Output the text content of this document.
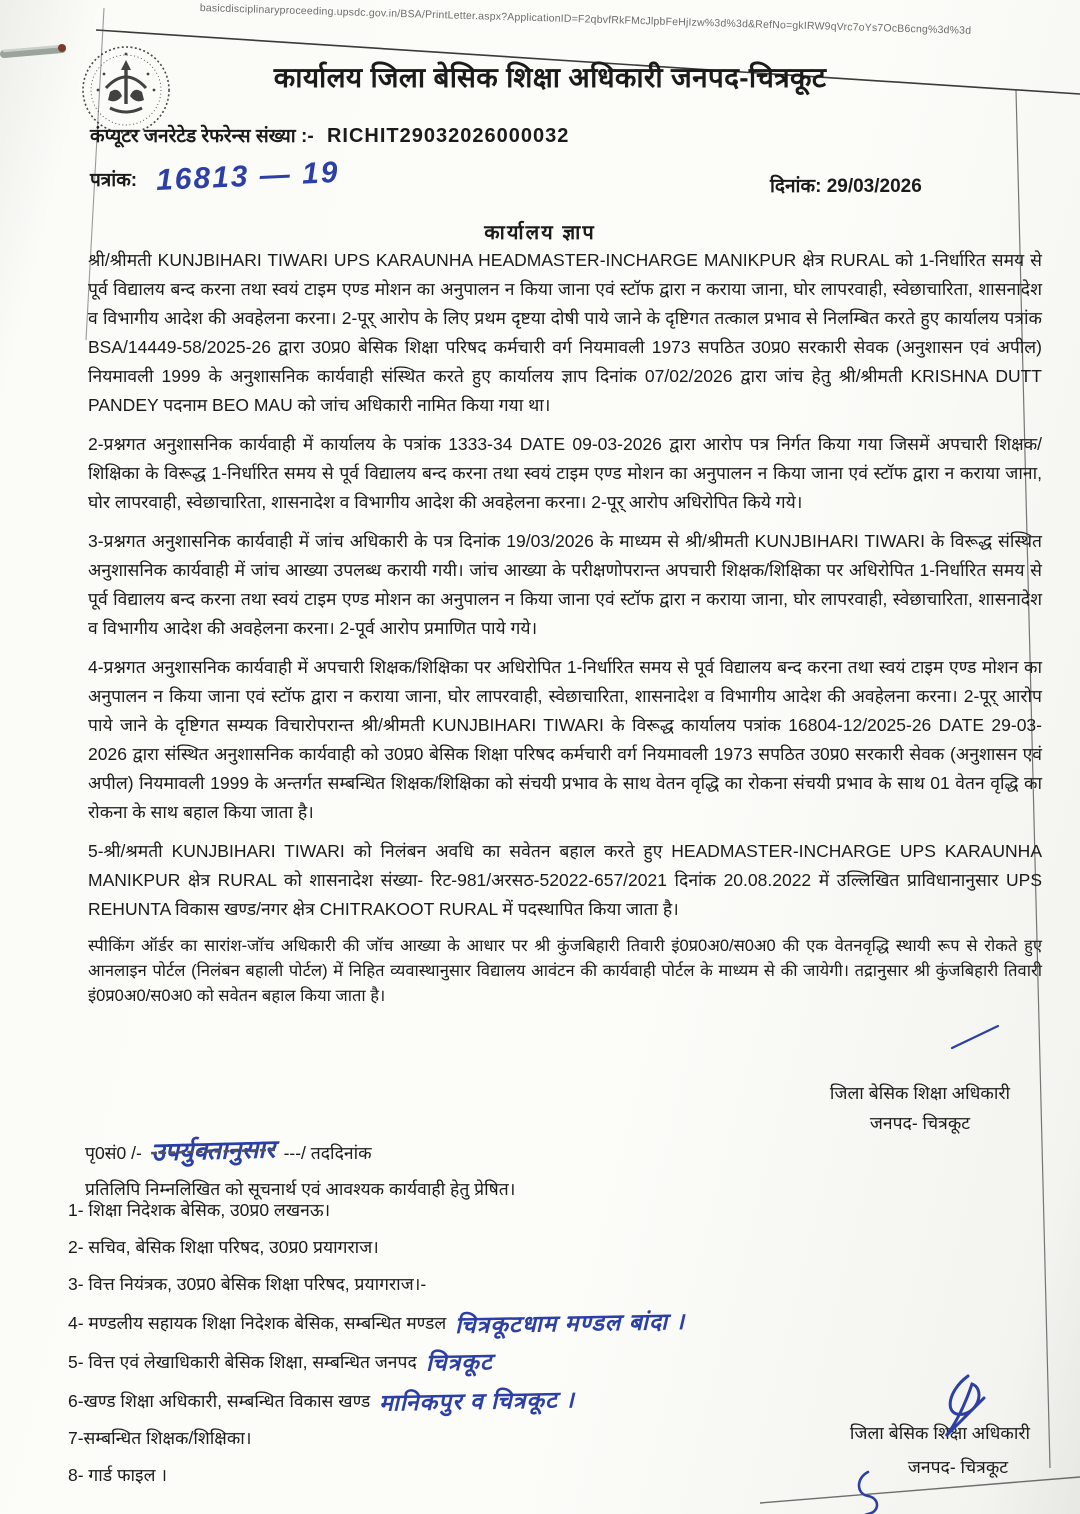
basicdisciplinaryproceeding.upsdc.gov.in/BSA/PrintLetter.aspx?ApplicationID=F2qbvfRkFMcJlpbFeHjIzw%3d%3d&RefNo=gkIRW9qVrc7oYs7OcB6cng%3d%3d
कार्यालय जिला बेसिक शिक्षा अधिकारी जनपद-चित्रकूट
कंप्यूटर जनरेटेड रेफरेन्स संख्या :- RICHIT29032026000032
पत्रांक: 16813 — 19	दिनांक: 29/03/2026
कार्यालय ज्ञाप

श्री/श्रीमती KUNJBIHARI TIWARI UPS KARAUNHA HEADMASTER-INCHARGE MANIKPUR क्षेत्र RURAL को 1-निर्धारित समय से पूर्व विद्यालय बन्द करना तथा स्वयं टाइम एण्ड मोशन का अनुपालन न किया जाना एवं स्टॉफ द्वारा न कराया जाना, घोर लापरवाही, स्वेछाचारिता, शासनादेश व विभागीय आदेश की अवहेलना करना। 2-पूर् आरोप के लिए प्रथम दृष्टया दोषी पाये जाने के दृष्टिगत तत्काल प्रभाव से निलम्बित करते हुए कार्यालय पत्रांक BSA/14449-58/2025-26 द्वारा उ0प्र0 बेसिक शिक्षा परिषद कर्मचारी वर्ग नियमावली 1973 सपठित उ0प्र0 सरकारी सेवक (अनुशासन एवं अपील) नियमावली 1999 के अनुशासनिक कार्यवाही संस्थित करते हुए कार्यालय ज्ञाप दिनांक 07/02/2026 द्वारा जांच हेतु श्री/श्रीमती KRISHNA DUTT PANDEY पदनाम BEO MAU को जांच अधिकारी नामित किया गया था।

2-प्रश्नगत अनुशासनिक कार्यवाही में कार्यालय के पत्रांक 1333-34 DATE 09-03-2026 द्वारा आरोप पत्र निर्गत किया गया जिसमें अपचारी शिक्षक/शिक्षिका के विरूद्ध 1-निर्धारित समय से पूर्व विद्यालय बन्द करना तथा स्वयं टाइम एण्ड मोशन का अनुपालन न किया जाना एवं स्टॉफ द्वारा न कराया जाना, घोर लापरवाही, स्वेछाचारिता, शासनादेश व विभागीय आदेश की अवहेलना करना। 2-पूर् आरोप अधिरोपित किये गये।

3-प्रश्नगत अनुशासनिक कार्यवाही में जांच अधिकारी के पत्र दिनांक 19/03/2026 के माध्यम से श्री/श्रीमती KUNJBIHARI TIWARI के विरूद्ध संस्थित अनुशासनिक कार्यवाही में जांच आख्या उपलब्ध करायी गयी। जांच आख्या के परीक्षणोपरान्त अपचारी शिक्षक/शिक्षिका पर अधिरोपित 1-निर्धारित समय से पूर्व विद्यालय बन्द करना तथा स्वयं टाइम एण्ड मोशन का अनुपालन न किया जाना एवं स्टॉफ द्वारा न कराया जाना, घोर लापरवाही, स्वेछाचारिता, शासनादेश व विभागीय आदेश की अवहेलना करना। 2-पूर्व आरोप प्रमाणित पाये गये।

4-प्रश्नगत अनुशासनिक कार्यवाही में अपचारी शिक्षक/शिक्षिका पर अधिरोपित 1-निर्धारित समय से पूर्व विद्यालय बन्द करना तथा स्वयं टाइम एण्ड मोशन का अनुपालन न किया जाना एवं स्टॉफ द्वारा न कराया जाना, घोर लापरवाही, स्वेछाचारिता, शासनादेश व विभागीय आदेश की अवहेलना करना। 2-पूर् आरोप पाये जाने के दृष्टिगत सम्यक विचारोपरान्त श्री/श्रीमती KUNJBIHARI TIWARI के विरूद्ध कार्यालय पत्रांक 16804-12/2025-26 DATE 29-03-2026 द्वारा संस्थित अनुशासनिक कार्यवाही को उ0प्र0 बेसिक शिक्षा परिषद कर्मचारी वर्ग नियमावली 1973 सपठित उ0प्र0 सरकारी सेवक (अनुशासन एवं अपील) नियमावली 1999 के अन्तर्गत सम्बन्धित शिक्षक/शिक्षिका को संचयी प्रभाव के साथ वेतन वृद्धि का रोकना संचयी प्रभाव के साथ 01 वेतन वृद्धि का रोकना के साथ बहाल किया जाता है।

5-श्री/श्रमती KUNJBIHARI TIWARI को निलंबन अवधि का सवेतन बहाल करते हुए HEADMASTER-INCHARGE UPS KARAUNHA MANIKPUR क्षेत्र RURAL को शासनादेश संख्या- रिट-981/अरसठ-52022-657/2021 दिनांक 20.08.2022 में उल्लिखित प्राविधानानुसार UPS REHUNTA विकास खण्ड/नगर क्षेत्र CHITRAKOOT RURAL में पदस्थापित किया जाता है।

स्पीकिंग ऑर्डर का सारांश-जॉच अधिकारी की जॉच आख्या के आधार पर श्री कुंजबिहारी तिवारी इं0प्र0अ0/स0अ0 की एक वेतनवृद्धि स्थायी रूप से रोकते हुए आनलाइन पोर्टल (निलंबन बहाली पोर्टल) में निहित व्यवास्थानुसार विद्यालय आवंटन की कार्यवाही पोर्टल के माध्यम से की जायेगी। तद्रानुसार श्री कुंजबिहारी तिवारी इं0प्र0अ0/स0अ0 को सवेतन बहाल किया जाता है।

जिला बेसिक शिक्षा अधिकारी
जनपद- चित्रकूट
पृ0सं0 /- उपर्युक्तानुसार ---/ तददिनांक
प्रतिलिपि निम्नलिखित को सूचनार्थ एवं आवश्यक कार्यवाही हेतु प्रेषित।
1- शिक्षा निदेशक बेसिक, उ0प्र0 लखनऊ।
2- सचिव, बेसिक शिक्षा परिषद, उ0प्र0 प्रयागराज।
3- वित्त नियंत्रक, उ0प्र0 बेसिक शिक्षा परिषद, प्रयागराज।-
4- मण्डलीय सहायक शिक्षा निदेशक बेसिक, सम्बन्धित मण्डल चित्रकूटधाम मण्डल बांदा ।
5- वित्त एवं लेखाधिकारी बेसिक शिक्षा, सम्बन्धित जनपद चित्रकूट
6-खण्ड शिक्षा अधिकारी, सम्बन्धित विकास खण्ड मानिकपुर व चित्रकूट ।
7-सम्बन्धित शिक्षक/शिक्षिका।
8- गार्ड फाइल ।
जिला बेसिक शिक्षा अधिकारी
जनपद- चित्रकूट
